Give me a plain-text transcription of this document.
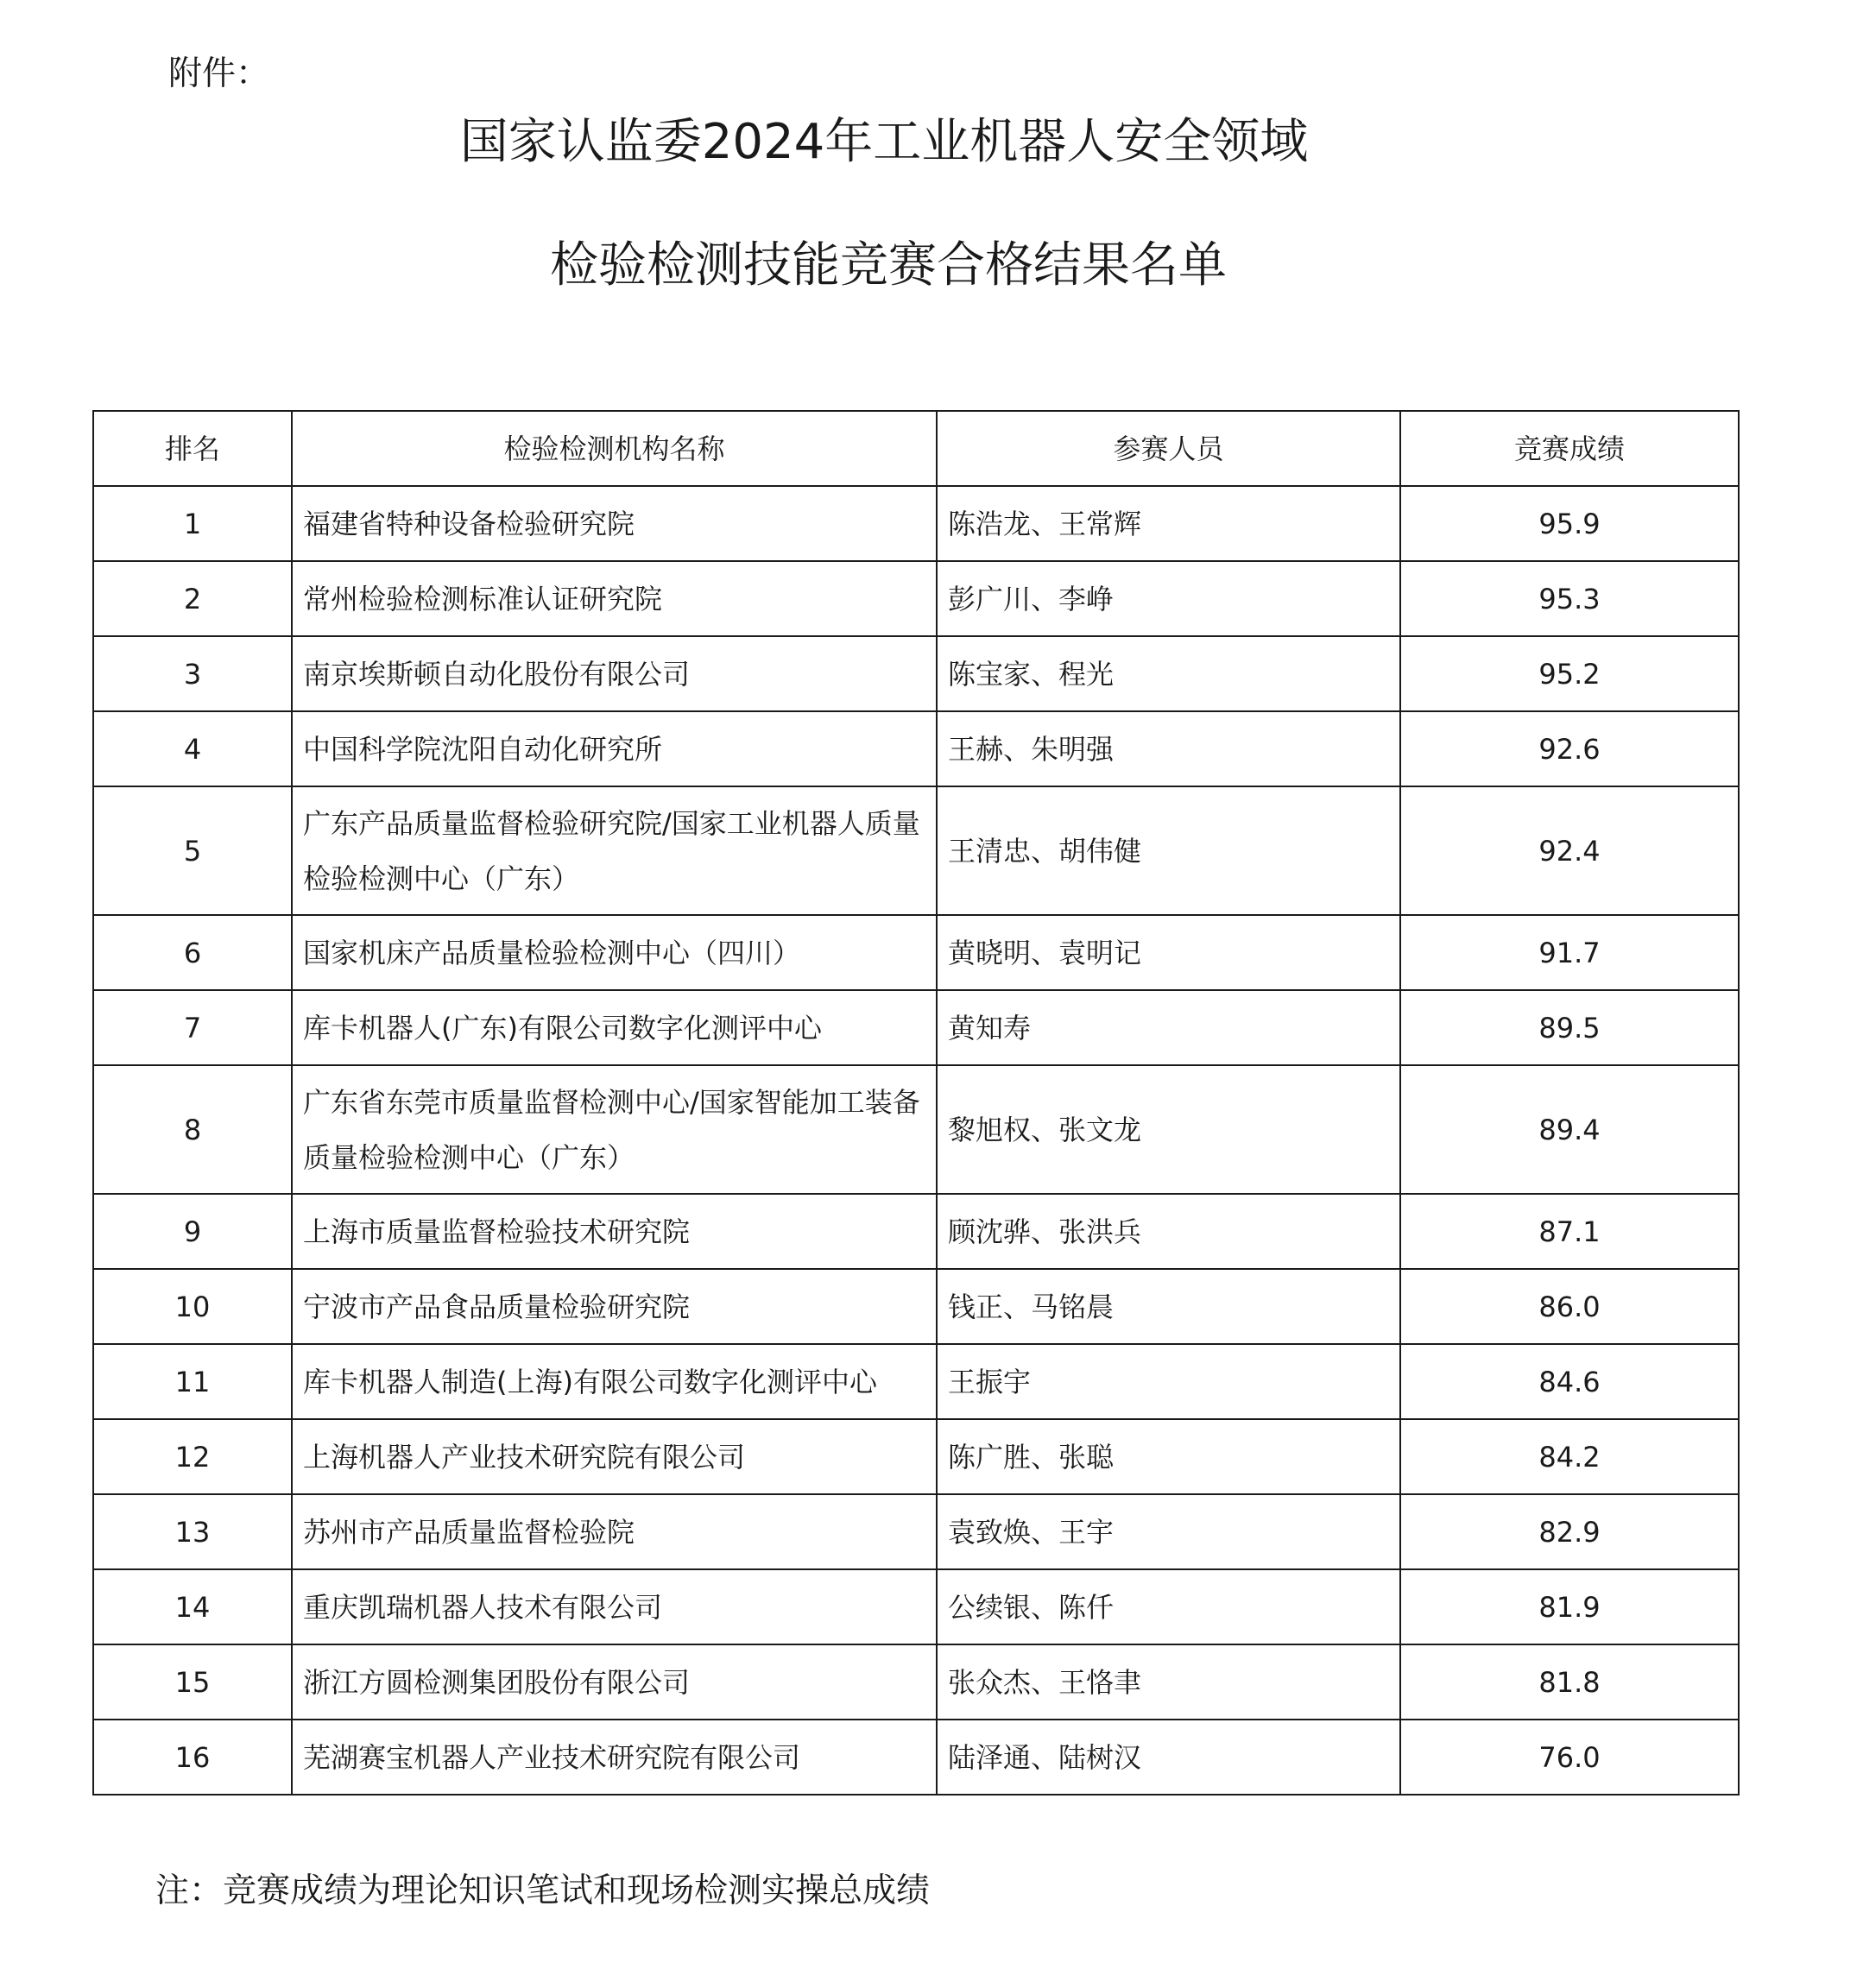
附件：
国家认监委2024年工业机器人安全领域
检验检测技能竞赛合格结果名单
排名	检验检测机构名称	参赛人员	竞赛成绩
1	福建省特种设备检验研究院	陈浩龙、王常辉	95.9
2	常州检验检测标准认证研究院	彭广川、李峥	95.3
3	南京埃斯顿自动化股份有限公司	陈宝家、程光	95.2
4	中国科学院沈阳自动化研究所	王赫、朱明强	92.6
5	广东产品质量监督检验研究院/国家工业机器人质量检验检测中心（广东）	王清忠、胡伟健	92.4
6	国家机床产品质量检验检测中心（四川）	黄晓明、袁明记	91.7
7	库卡机器人(广东)有限公司数字化测评中心	黄知寿	89.5
8	广东省东莞市质量监督检测中心/国家智能加工装备质量检验检测中心（广东）	黎旭权、张文龙	89.4
9	上海市质量监督检验技术研究院	顾沈骅、张洪兵	87.1
10	宁波市产品食品质量检验研究院	钱正、马铭晨	86.0
11	库卡机器人制造(上海)有限公司数字化测评中心	王振宇	84.6
12	上海机器人产业技术研究院有限公司	陈广胜、张聪	84.2
13	苏州市产品质量监督检验院	袁致焕、王宇	82.9
14	重庆凯瑞机器人技术有限公司	公续银、陈仟	81.9
15	浙江方圆检测集团股份有限公司	张众杰、王恪聿	81.8
16	芜湖赛宝机器人产业技术研究院有限公司	陆泽通、陆树汉	76.0
注：竞赛成绩为理论知识笔试和现场检测实操总成绩
